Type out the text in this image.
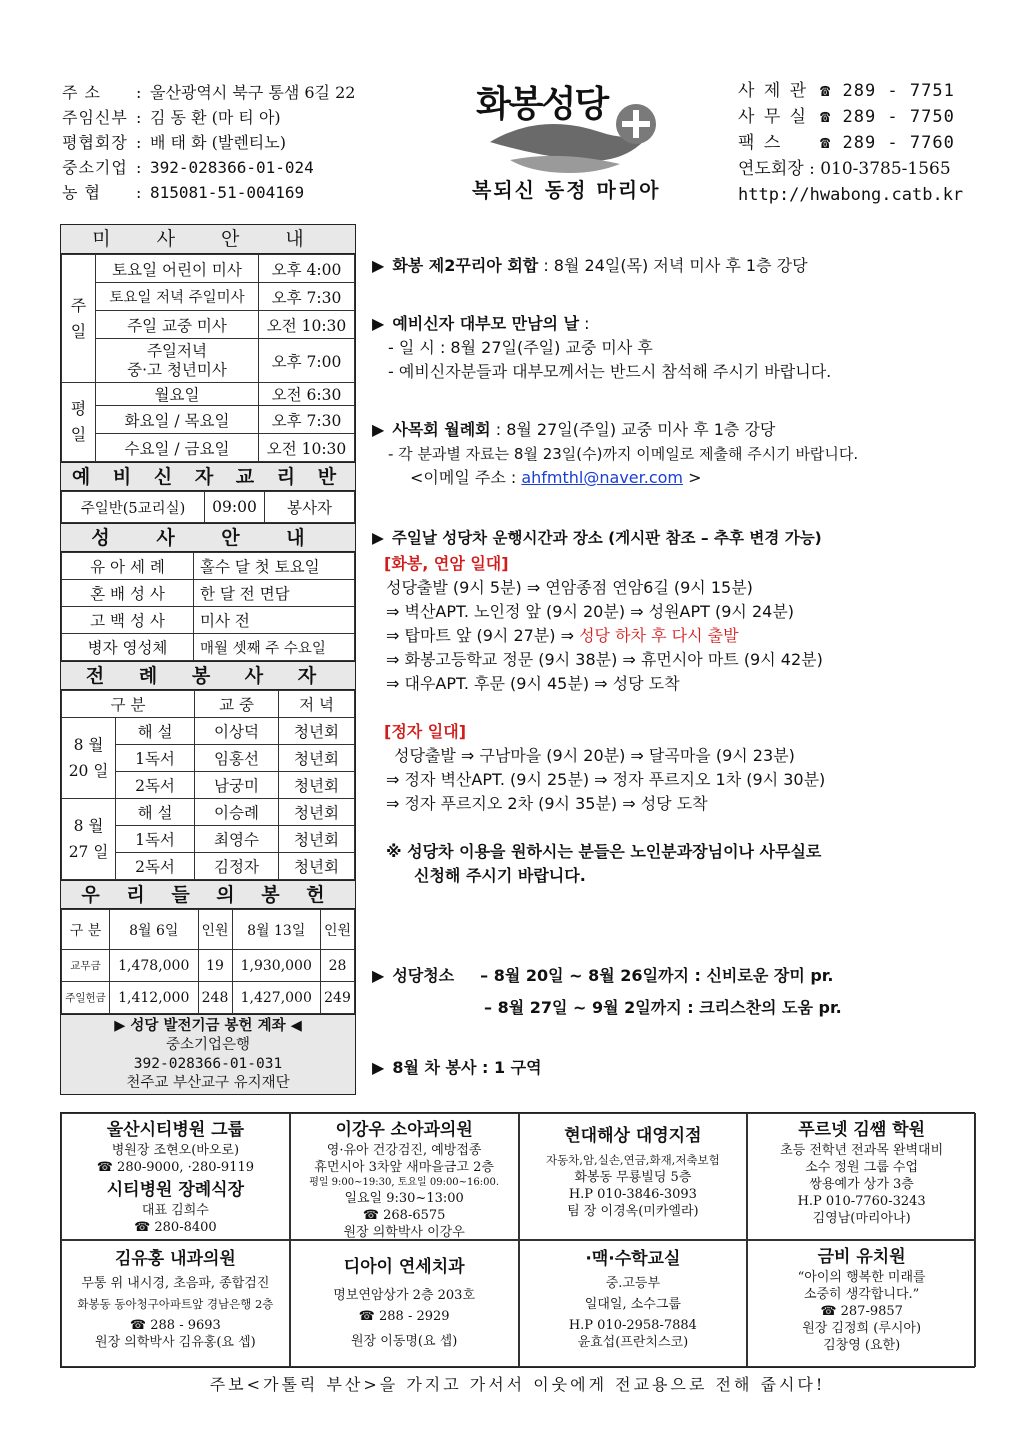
주 소	: 울산광역시 북구 통샘 6길 22
주임신부 : 김 동 환 (마 티 아)
평협회장 : 배 태 화 (발렌티노)
중소기업 : 392-028366-01-024
농 협	: 815081-51-004169
화봉성당
복되신 동정 마리아
사 제 관 ☎ 289 - 7751
사 무 실 ☎ 289 - 7750
팩 스	☎ 289 - 7760
연도회장 : 010-3785-1565
http://hwabong.catb.kr
미 사 안 내
주일	토요일 어린이 미사	오후 4:00
	토요일 저녁 주일미사	오후 7:30
	주일 교중 미사	오전 10:30
	주일저녁
중·고 청년미사	오후 7:00
평일	월요일	오전 6:30
	화요일 / 목요일	오후 7:30
	수요일 / 금요일	오전 10:30
예 비 신 자 교 리 반
주일반(5교리실)	09:00	봉사자
성 사 안 내
유 아 세 례	홀수 달 첫 토요일
혼 배 성 사	한 달 전 면담
고 백 성 사	미사 전
병자 영성체	매월 셋째 주 수요일
전 례 봉 사 자
구 분		교 중	저 녁
8 월
20 일	해 설	이상덕	청년회
	1독서	임홍선	청년회
	2독서	남궁미	청년회
8 월
27 일	해 설	이승례	청년회
	1독서	최영수	청년회
	2독서	김정자	청년회
우 리 들 의 봉 헌
구 분	8월 6일	인원	8월 13일	인원
교무금	1,478,000	19	1,930,000	28
주일헌금	1,412,000	248	1,427,000	249
▶ 성당 발전기금 봉헌 계좌 ◀
중소기업은행
392-028366-01-031
천주교 부산교구 유지재단
▶ 화봉 제2꾸리아 회합 : 8월 24일(목) 저녁 미사 후 1층 강당
▶ 예비신자 대부모 만남의 날 :
- 일 시 : 8월 27일(주일) 교중 미사 후
- 예비신자분들과 대부모께서는 반드시 참석해 주시기 바랍니다.
▶ 사목회 월례회 : 8월 27일(주일) 교중 미사 후 1층 강당
- 각 분과별 자료는 8월 23일(수)까지 이메일로 제출해 주시기 바랍니다.
<이메일 주소 : ahfmthl@naver.com >
▶ 주일날 성당차 운행시간과 장소 (게시판 참조 – 추후 변경 가능)
[화봉, 연암 일대]
성당출발 (9시 5분) ⇒ 연암종점 연암6길 (9시 15분)
⇒ 벽산APT. 노인정 앞 (9시 20분) ⇒ 성원APT (9시 24분)
⇒ 탑마트 앞 (9시 27분) ⇒ 성당 하차 후 다시 출발
⇒ 화봉고등학교 정문 (9시 38분) ⇒ 휴먼시아 마트 (9시 42분)
⇒ 대우APT. 후문 (9시 45분) ⇒ 성당 도착
[정자 일대]
성당출발 ⇒ 구남마을 (9시 20분) ⇒ 달곡마을 (9시 23분)
⇒ 정자 벽산APT. (9시 25분) ⇒ 정자 푸르지오 1차 (9시 30분)
⇒ 정자 푸르지오 2차 (9시 35분) ⇒ 성당 도착
※ 성당차 이용을 원하시는 분들은 노인분과장님이나 사무실로
신청해 주시기 바랍니다.
▶ 성당청소 – 8월 20일 ~ 8월 26일까지 : 신비로운 장미 pr.
– 8월 27일 ~ 9월 2일까지 : 크리스찬의 도움 pr.
▶ 8월 차 봉사 : 1 구역
울산시티병원 그룹
병원장 조현오(바오로)
☎ 280-9000, ·280-9119
시티병원 장례식장
대표 김희수
☎ 280-8400
이강우 소아과의원
영·유아 건강검진, 예방접종
휴먼시아 3차앞 새마을금고 2층
평일 9:00~19:30, 토요일 09:00~16:00.
일요일 9:30~13:00
☎ 268-6575
원장 의학박사 이강우
현대해상 대영지점
자동차,암,실손,연금,화재,저축보험
화봉동 무룡빌딩 5층
H.P 010-3846-3093
팀 장 이경옥(미카엘라)
푸르넷 김쌤 학원
초등 전학년 전과목 완벽대비
소수 정원 그룹 수업
쌍용예가 상가 3층
H.P 010-7760-3243
김영남(마리아나)
김유홍 내과의원
무통 위 내시경, 초음파, 종합검진
화봉동 동아청구아파트앞 경남은행 2층
☎ 288 - 9693
원장 의학박사 김유홍(요 셉)
디아이 연세치과
명보연암상가 2층 203호
☎ 288 - 2929
원장 이동명(요 셉)
·맥·수학교실
중.고등부
일대일, 소수그룹
H.P 010-2958-7884
윤효섭(프란치스코)
금비 유치원
“아이의 행복한 미래를
소중히 생각합니다.”
☎ 287-9857
원장 김정희 (루시아)
김창영 (요한)
주보<가톨릭 부산>을 가지고 가서서 이웃에게 전교용으로 전해 줍시다!
